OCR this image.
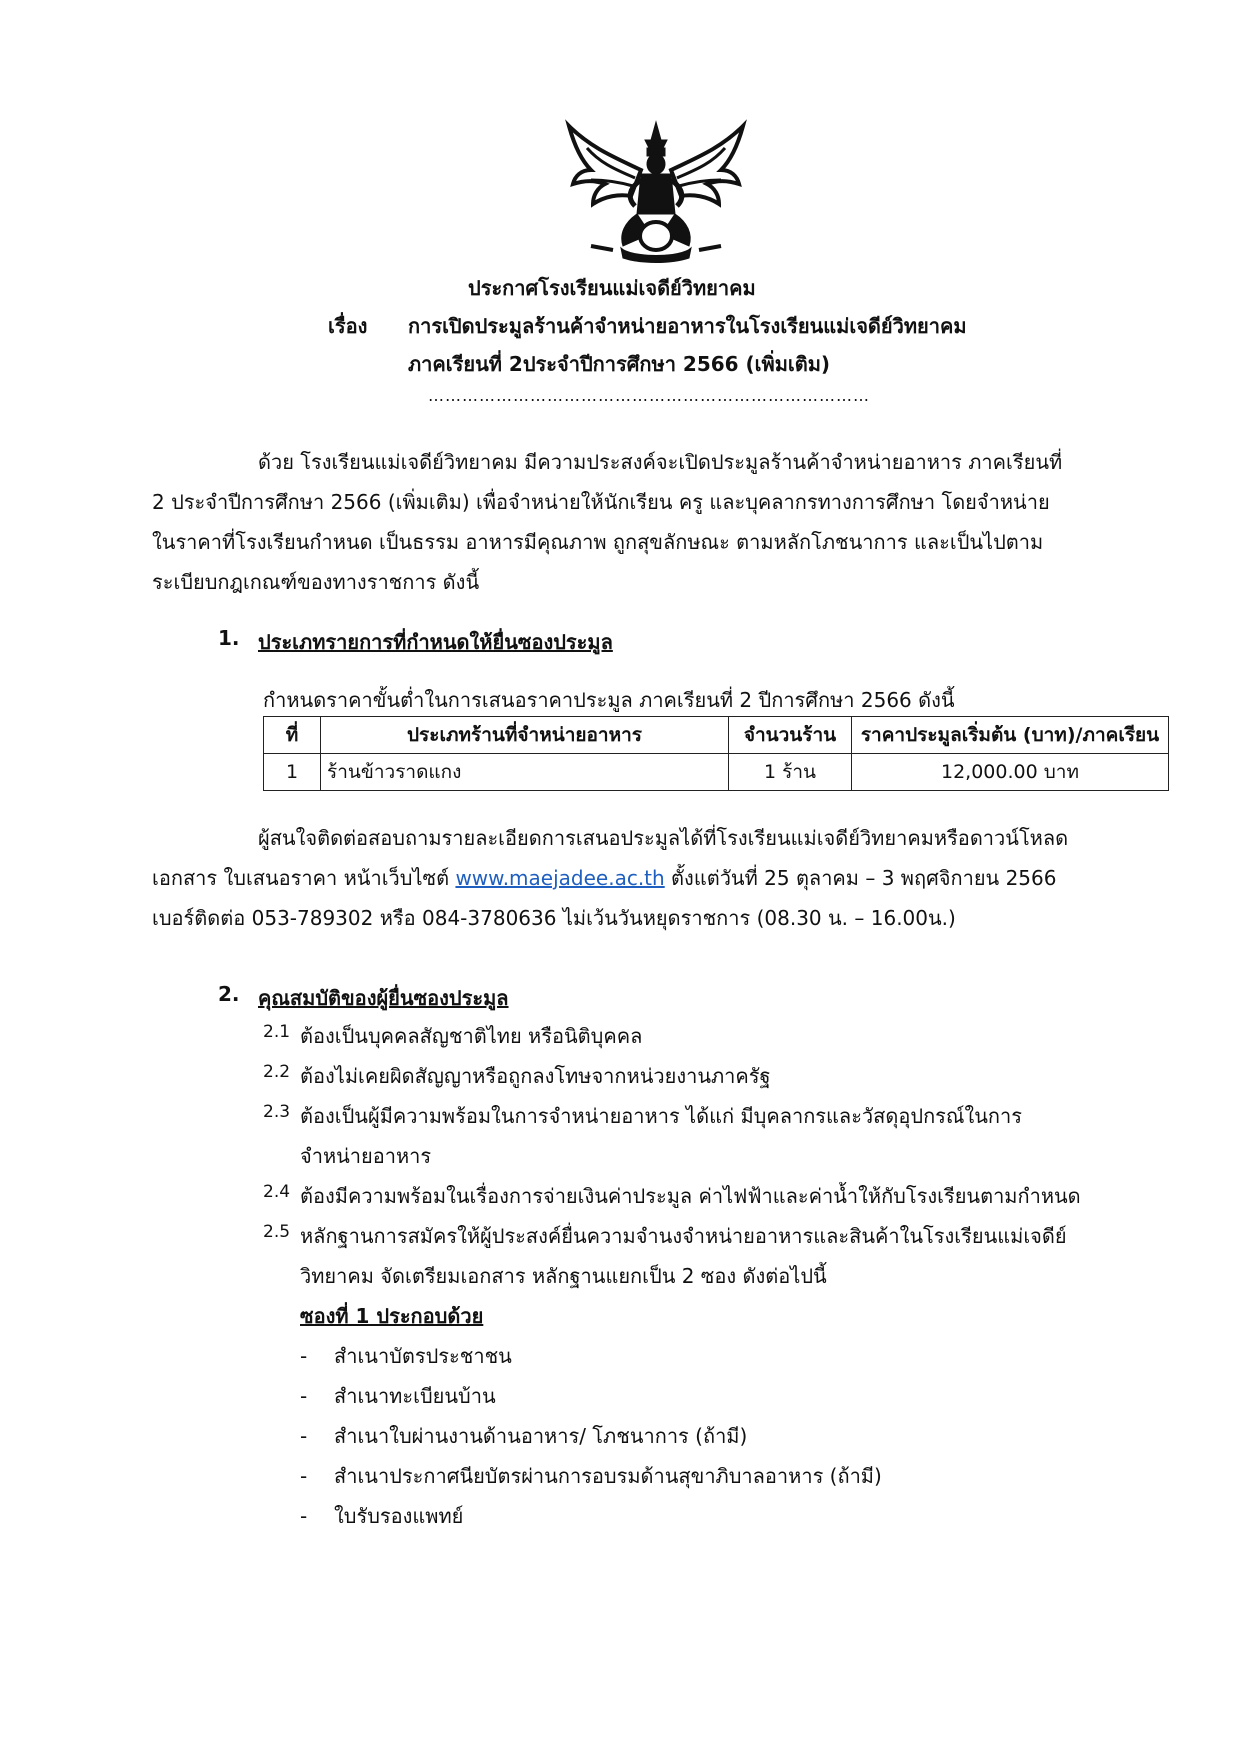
ประกาศโรงเรียนแม่เจดีย์วิทยาคม
เรื่อง การเปิดประมูลร้านค้าจำหน่ายอาหารในโรงเรียนแม่เจดีย์วิทยาคม
ภาคเรียนที่ 2ประจำปีการศึกษา 2566 (เพิ่มเติม)
……………………………………………………………………
ด้วย โรงเรียนแม่เจดีย์วิทยาคม มีความประสงค์จะเปิดประมูลร้านค้าจำหน่ายอาหาร ภาคเรียนที่
2 ประจำปีการศึกษา 2566 (เพิ่มเติม) เพื่อจำหน่ายให้นักเรียน ครู และบุคลากรทางการศึกษา โดยจำหน่าย
ในราคาที่โรงเรียนกำหนด เป็นธรรม อาหารมีคุณภาพ ถูกสุขลักษณะ ตามหลักโภชนาการ และเป็นไปตาม
ระเบียบกฎเกณฑ์ของทางราชการ ดังนี้
1. ประเภทรายการที่กำหนดให้ยื่นซองประมูล
กำหนดราคาขั้นต่ำในการเสนอราคาประมูล ภาคเรียนที่ 2 ปีการศึกษา 2566 ดังนี้
ที่	ประเภทร้านที่จำหน่ายอาหาร	จำนวนร้าน	ราคาประมูลเริ่มต้น (บาท)/ภาคเรียน
1	ร้านข้าวราดแกง	1 ร้าน	12,000.00 บาท
ผู้สนใจติดต่อสอบถามรายละเอียดการเสนอประมูลได้ที่โรงเรียนแม่เจดีย์วิทยาคมหรือดาวน์โหลด
เอกสาร ใบเสนอราคา หน้าเว็บไซต์ www.maejadee.ac.th ตั้งแต่วันที่ 25 ตุลาคม – 3 พฤศจิกายน 2566
เบอร์ติดต่อ 053-789302 หรือ 084-3780636 ไม่เว้นวันหยุดราชการ (08.30 น. – 16.00น.)
2. คุณสมบัติของผู้ยื่นซองประมูล
2.1 ต้องเป็นบุคคลสัญชาติไทย หรือนิติบุคคล
2.2 ต้องไม่เคยผิดสัญญาหรือถูกลงโทษจากหน่วยงานภาครัฐ
2.3 ต้องเป็นผู้มีความพร้อมในการจำหน่ายอาหาร ได้แก่ มีบุคลากรและวัสดุอุปกรณ์ในการ
จำหน่ายอาหาร
2.4 ต้องมีความพร้อมในเรื่องการจ่ายเงินค่าประมูล ค่าไฟฟ้าและค่าน้ำให้กับโรงเรียนตามกำหนด
2.5 หลักฐานการสมัครให้ผู้ประสงค์ยื่นความจำนงจำหน่ายอาหารและสินค้าในโรงเรียนแม่เจดีย์
วิทยาคม จัดเตรียมเอกสาร หลักฐานแยกเป็น 2 ซอง ดังต่อไปนี้
ซองที่ 1 ประกอบด้วย
- สำเนาบัตรประชาชน
- สำเนาทะเบียนบ้าน
- สำเนาใบผ่านงานด้านอาหาร/ โภชนาการ (ถ้ามี)
- สำเนาประกาศนียบัตรผ่านการอบรมด้านสุขาภิบาลอาหาร (ถ้ามี)
- ใบรับรองแพทย์
